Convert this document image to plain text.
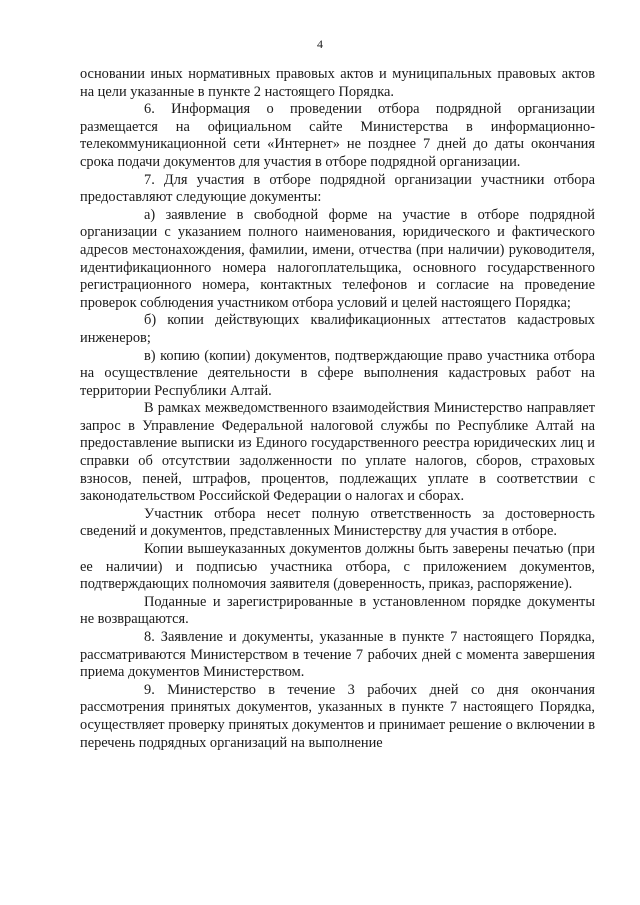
4

основании иных нормативных правовых актов и муниципальных правовых актов на цели указанные в пункте 2 настоящего Порядка.

6. Информация о проведении отбора подрядной организации размещается на официальном сайте Министерства в информационно-телекоммуникационной сети «Интернет» не позднее 7 дней до даты окончания срока подачи документов для участия в отборе подрядной организации.

7. Для участия в отборе подрядной организации участники отбора предоставляют следующие документы:

а) заявление в свободной форме на участие в отборе подрядной организации с указанием полного наименования, юридического и фактического адресов местонахождения, фамилии, имени, отчества (при наличии) руководителя, идентификационного номера налогоплательщика, основного государственного регистрационного номера, контактных телефонов и согласие на проведение проверок соблюдения участником отбора условий и целей настоящего Порядка;

б) копии действующих квалификационных аттестатов кадастровых инженеров;

в) копию (копии) документов, подтверждающие право участника отбора на осуществление деятельности в сфере выполнения кадастровых работ на территории Республики Алтай.

В рамках межведомственного взаимодействия Министерство направляет запрос в Управление Федеральной налоговой службы по Республике Алтай на предоставление выписки из Единого государственного реестра юридических лиц и справки об отсутствии задолженности по уплате налогов, сборов, страховых взносов, пеней, штрафов, процентов, подлежащих уплате в соответствии с законодательством Российской Федерации о налогах и сборах.

Участник отбора несет полную ответственность за достоверность сведений и документов, представленных Министерству для участия в отборе.

Копии вышеуказанных документов должны быть заверены печатью (при ее наличии) и подписью участника отбора, с приложением документов, подтверждающих полномочия заявителя (доверенность, приказ, распоряжение).

Поданные и зарегистрированные в установленном порядке документы не возвращаются.

8. Заявление и документы, указанные в пункте 7 настоящего Порядка, рассматриваются Министерством в течение 7 рабочих дней с момента завершения приема документов Министерством.

9. Министерство в течение 3 рабочих дней со дня окончания рассмотрения принятых документов, указанных в пункте 7 настоящего Порядка, осуществляет проверку принятых документов и принимает решение о включении в перечень подрядных организаций на выполнение
